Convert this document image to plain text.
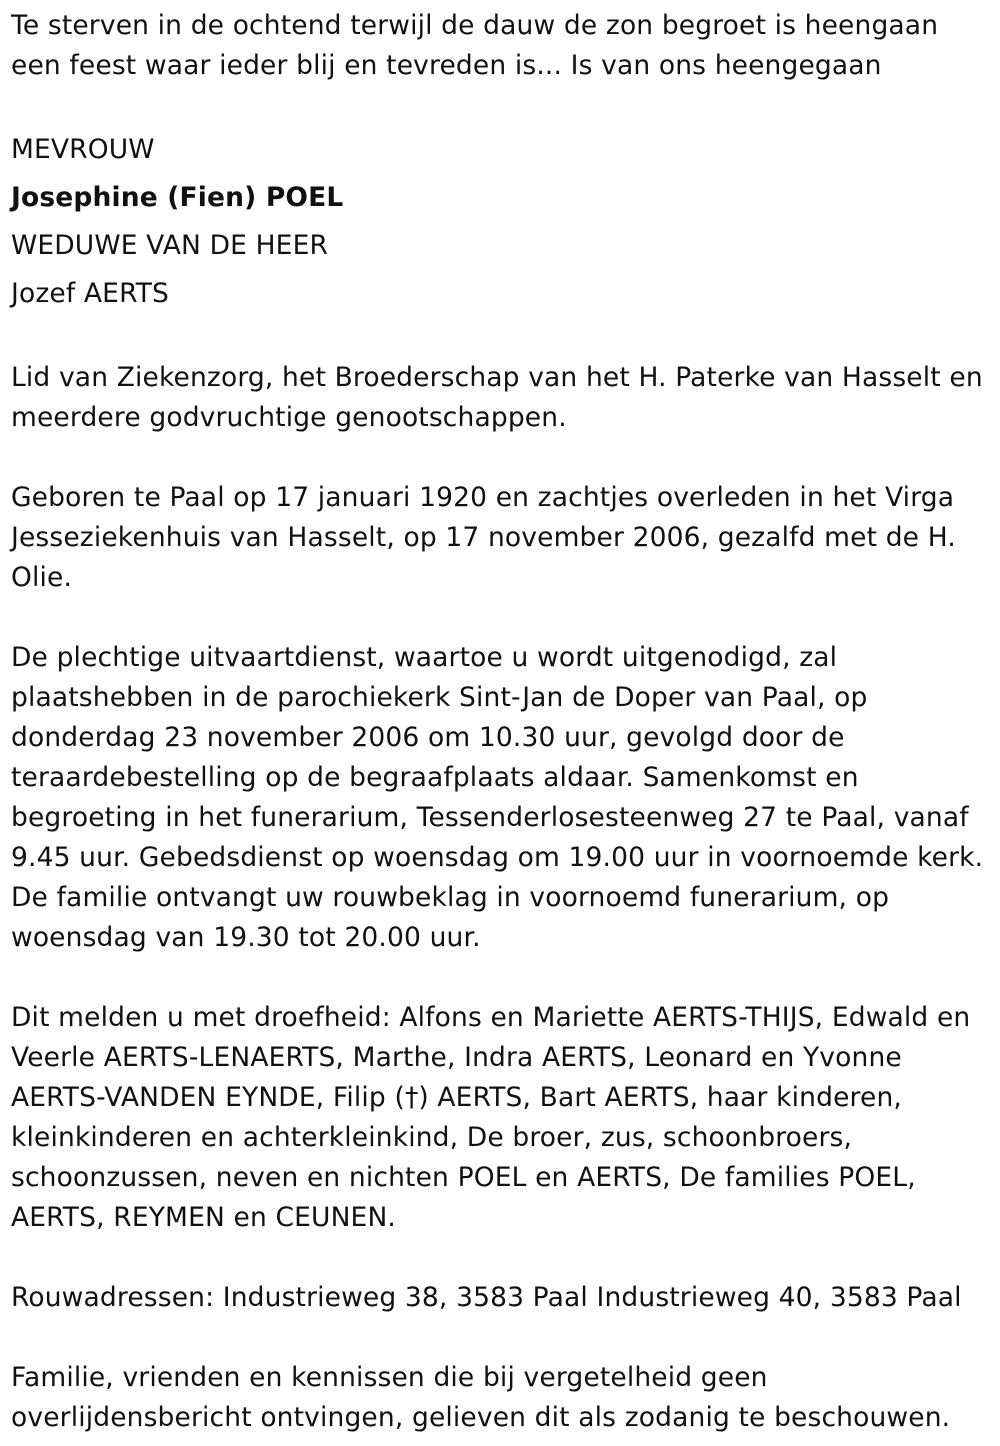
Te sterven in de ochtend terwijl de dauw de zon begroet is heengaan
een feest waar ieder blij en tevreden is... Is van ons heengegaan

MEVROUW
Josephine (Fien) POEL
WEDUWE VAN DE HEER
Jozef AERTS

Lid van Ziekenzorg, het Broederschap van het H. Paterke van Hasselt en
meerdere godvruchtige genootschappen.

Geboren te Paal op 17 januari 1920 en zachtjes overleden in het Virga
Jesseziekenhuis van Hasselt, op 17 november 2006, gezalfd met de H.
Olie.

De plechtige uitvaartdienst, waartoe u wordt uitgenodigd, zal
plaatshebben in de parochiekerk Sint-Jan de Doper van Paal, op
donderdag 23 november 2006 om 10.30 uur, gevolgd door de
teraardebestelling op de begraafplaats aldaar. Samenkomst en
begroeting in het funerarium, Tessenderlosesteenweg 27 te Paal, vanaf
9.45 uur. Gebedsdienst op woensdag om 19.00 uur in voornoemde kerk.
De familie ontvangt uw rouwbeklag in voornoemd funerarium, op
woensdag van 19.30 tot 20.00 uur.

Dit melden u met droefheid: Alfons en Mariette AERTS-THIJS, Edwald en
Veerle AERTS-LENAERTS, Marthe, Indra AERTS, Leonard en Yvonne
AERTS-VANDEN EYNDE, Filip (†) AERTS, Bart AERTS, haar kinderen,
kleinkinderen en achterkleinkind, De broer, zus, schoonbroers,
schoonzussen, neven en nichten POEL en AERTS, De families POEL,
AERTS, REYMEN en CEUNEN.

Rouwadressen: Industrieweg 38, 3583 Paal Industrieweg 40, 3583 Paal

Familie, vrienden en kennissen die bij vergetelheid geen
overlijdensbericht ontvingen, gelieven dit als zodanig te beschouwen.
